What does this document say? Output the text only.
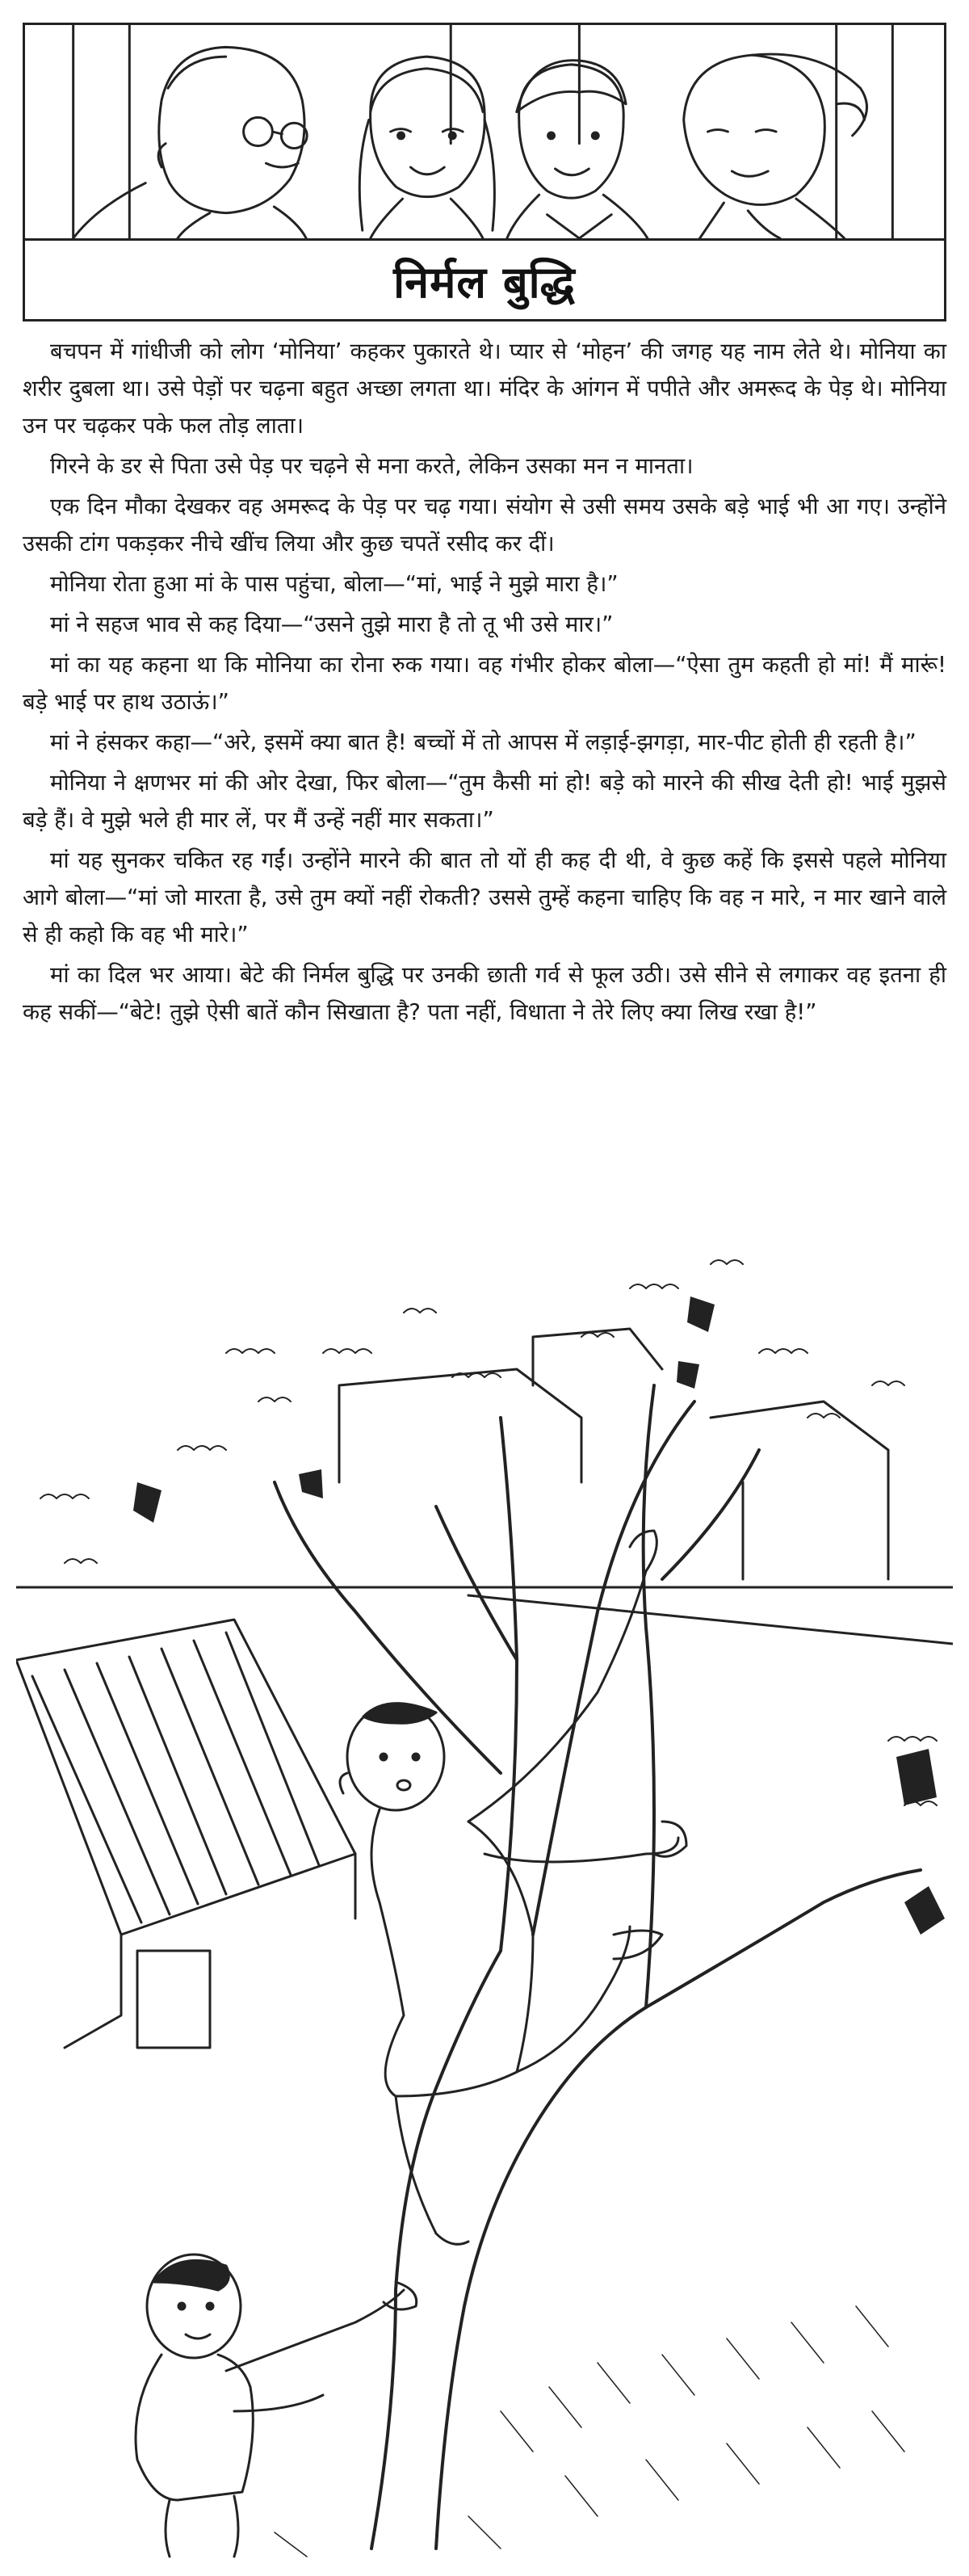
निर्मल बुद्धि

बचपन में गांधीजी को लोग ‘मोनिया’ कहकर पुकारते थे। प्यार से ‘मोहन’ की जगह यह नाम लेते थे। मोनिया का शरीर दुबला था। उसे पेड़ों पर चढ़ना बहुत अच्छा लगता था। मंदिर के आंगन में पपीते और अमरूद के पेड़ थे। मोनिया उन पर चढ़कर पके फल तोड़ लाता।

गिरने के डर से पिता उसे पेड़ पर चढ़ने से मना करते, लेकिन उसका मन न मानता।

एक दिन मौका देखकर वह अमरूद के पेड़ पर चढ़ गया। संयोग से उसी समय उसके बड़े भाई भी आ गए। उन्होंने उसकी टांग पकड़कर नीचे खींच लिया और कुछ चपतें रसीद कर दीं।

मोनिया रोता हुआ मां के पास पहुंचा, बोला—“मां, भाई ने मुझे मारा है।”

मां ने सहज भाव से कह दिया—“उसने तुझे मारा है तो तू भी उसे मार।”

मां का यह कहना था कि मोनिया का रोना रुक गया। वह गंभीर होकर बोला—“ऐसा तुम कहती हो मां! मैं मारूं! बड़े भाई पर हाथ उठाऊं।”

मां ने हंसकर कहा—“अरे, इसमें क्या बात है! बच्चों में तो आपस में लड़ाई-झगड़ा, मार-पीट होती ही रहती है।”

मोनिया ने क्षणभर मां की ओर देखा, फिर बोला—“तुम कैसी मां हो! बड़े को मारने की सीख देती हो! भाई मुझसे बड़े हैं। वे मुझे भले ही मार लें, पर मैं उन्हें नहीं मार सकता।”

मां यह सुनकर चकित रह गईं। उन्होंने मारने की बात तो यों ही कह दी थी, वे कुछ कहें कि इससे पहले मोनिया आगे बोला—“मां जो मारता है, उसे तुम क्यों नहीं रोकती? उससे तुम्हें कहना चाहिए कि वह न मारे, न मार खाने वाले से ही कहो कि वह भी मारे।”

मां का दिल भर आया। बेटे की निर्मल बुद्धि पर उनकी छाती गर्व से फूल उठी। उसे सीने से लगाकर वह इतना ही कह सकीं—“बेटे! तुझे ऐसी बातें कौन सिखाता है? पता नहीं, विधाता ने तेरे लिए क्या लिख रखा है!”
